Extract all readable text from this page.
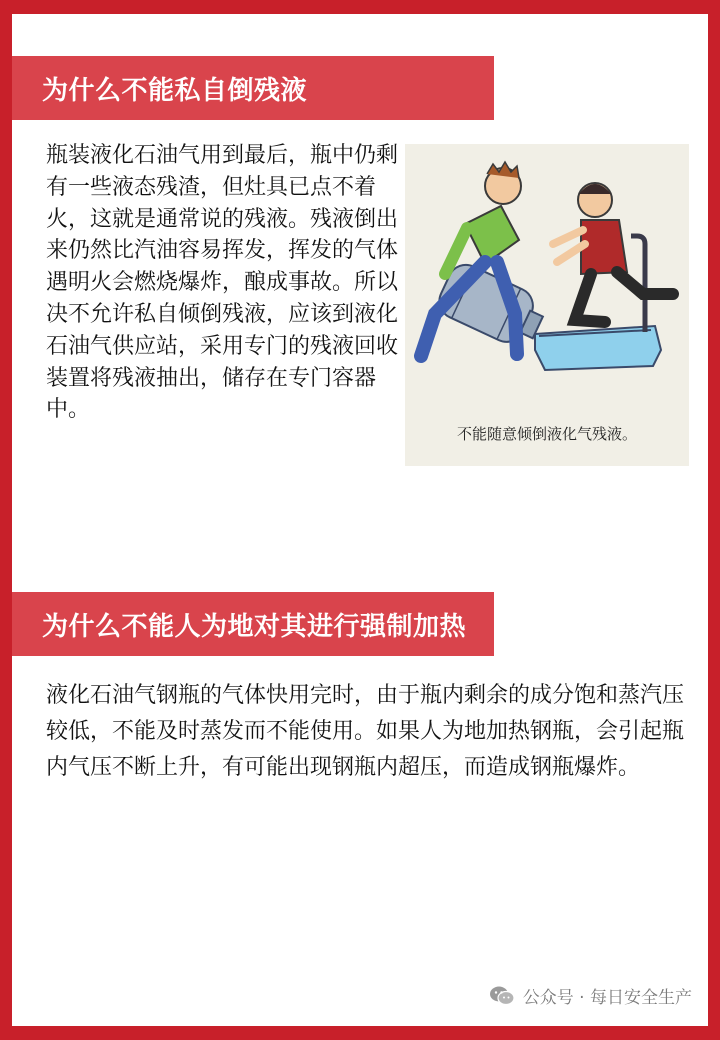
为什么不能私自倒残液
瓶装液化石油气用到最后，瓶中仍剩有一些液态残渣，但灶具已点不着火，这就是通常说的残液。残液倒出来仍然比汽油容易挥发，挥发的气体遇明火会燃烧爆炸，酿成事故。所以决不允许私自倾倒残液，应该到液化石油气供应站，采用专门的残液回收装置将残液抽出，储存在专门容器中。
不能随意倾倒液化气残液。
为什么不能人为地对其进行强制加热
液化石油气钢瓶的气体快用完时，由于瓶内剩余的成分饱和蒸汽压较低，不能及时蒸发而不能使用。如果人为地加热钢瓶，会引起瓶内气压不断上升，有可能出现钢瓶内超压，而造成钢瓶爆炸。
公众号 · 每日安全生产
